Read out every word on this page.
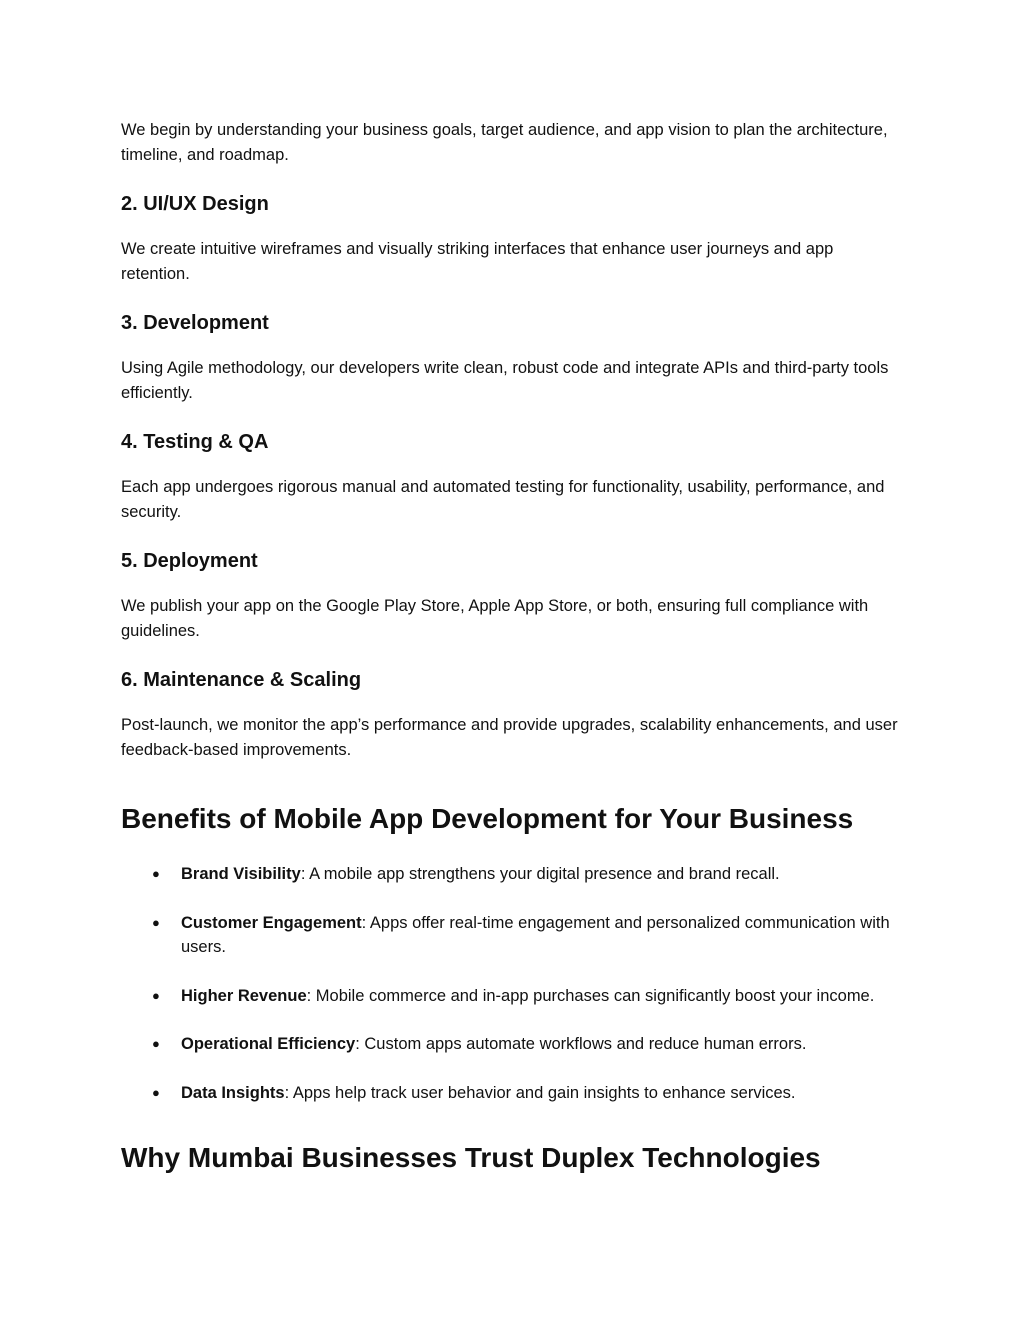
We begin by understanding your business goals, target audience, and app vision to plan the architecture, timeline, and roadmap.

2. UI/UX Design

We create intuitive wireframes and visually striking interfaces that enhance user journeys and app retention.

3. Development

Using Agile methodology, our developers write clean, robust code and integrate APIs and third-party tools efficiently.

4. Testing & QA

Each app undergoes rigorous manual and automated testing for functionality, usability, performance, and security.

5. Deployment

We publish your app on the Google Play Store, Apple App Store, or both, ensuring full compliance with guidelines.

6. Maintenance & Scaling

Post-launch, we monitor the app’s performance and provide upgrades, scalability enhancements, and user feedback-based improvements.

Benefits of Mobile App Development for Your Business
● Brand Visibility: A mobile app strengthens your digital presence and brand recall.
● Customer Engagement: Apps offer real-time engagement and personalized communication with users.
● Higher Revenue: Mobile commerce and in-app purchases can significantly boost your income.
● Operational Efficiency: Custom apps automate workflows and reduce human errors.
● Data Insights: Apps help track user behavior and gain insights to enhance services.
Why Mumbai Businesses Trust Duplex Technologies
